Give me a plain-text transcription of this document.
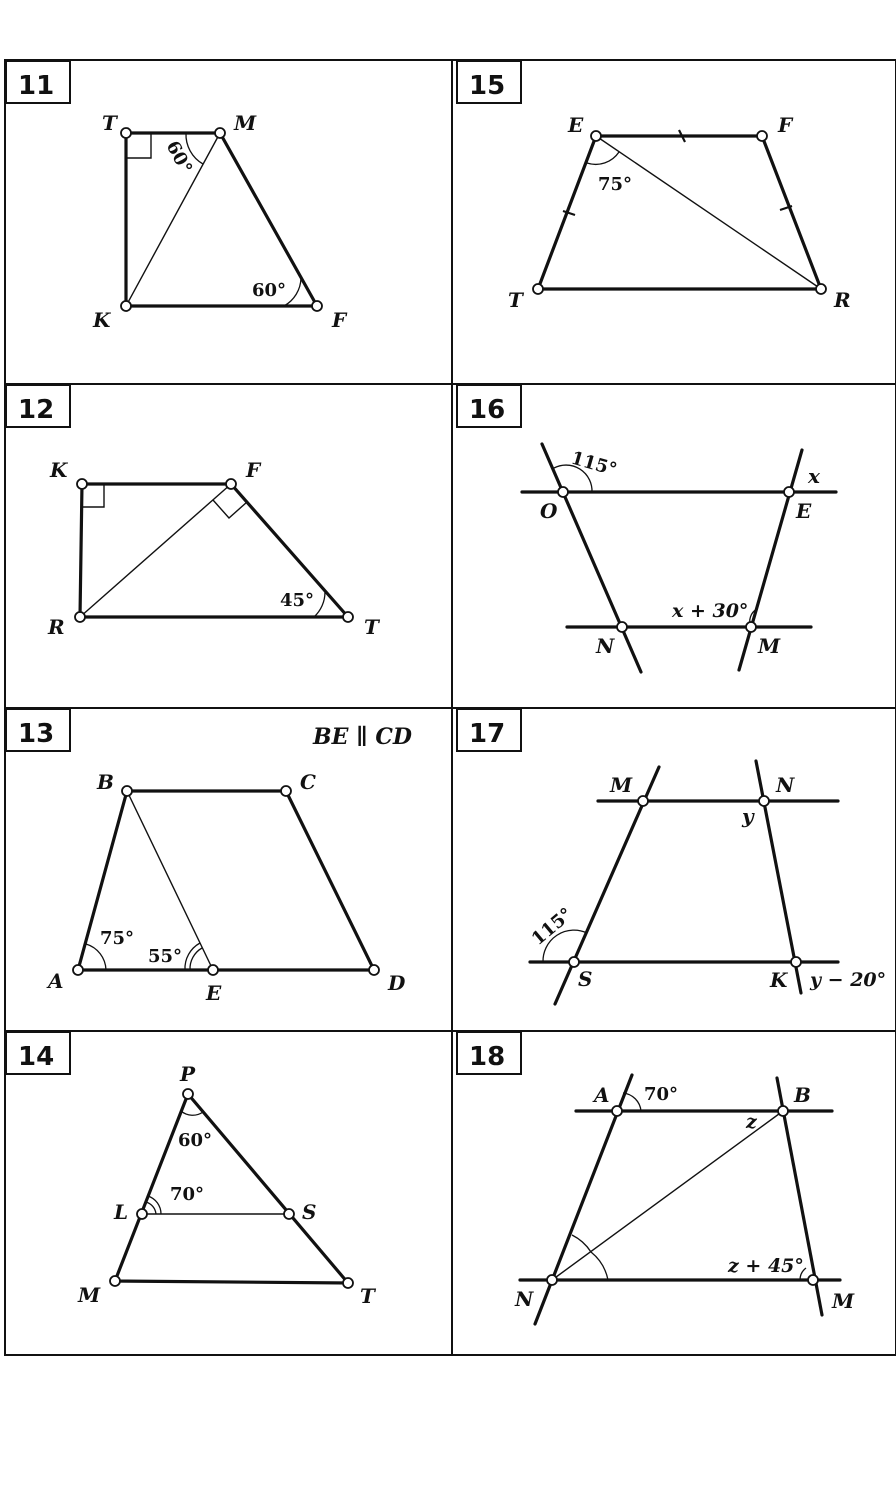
11
T	M
K	F
60°
60°
12
K	F
R	T
45°
13	BE ∥ CD
B	C
A	E	D
75°
55°
14
P
L	S
M	T
60°
70°
15
E	F
T	R
75°
16
O	E
N	M
x
115°
x + 30°
17
M	N
S	K
y
115°
y − 20°
18
A	B
N	M
z
70°
z + 45°
